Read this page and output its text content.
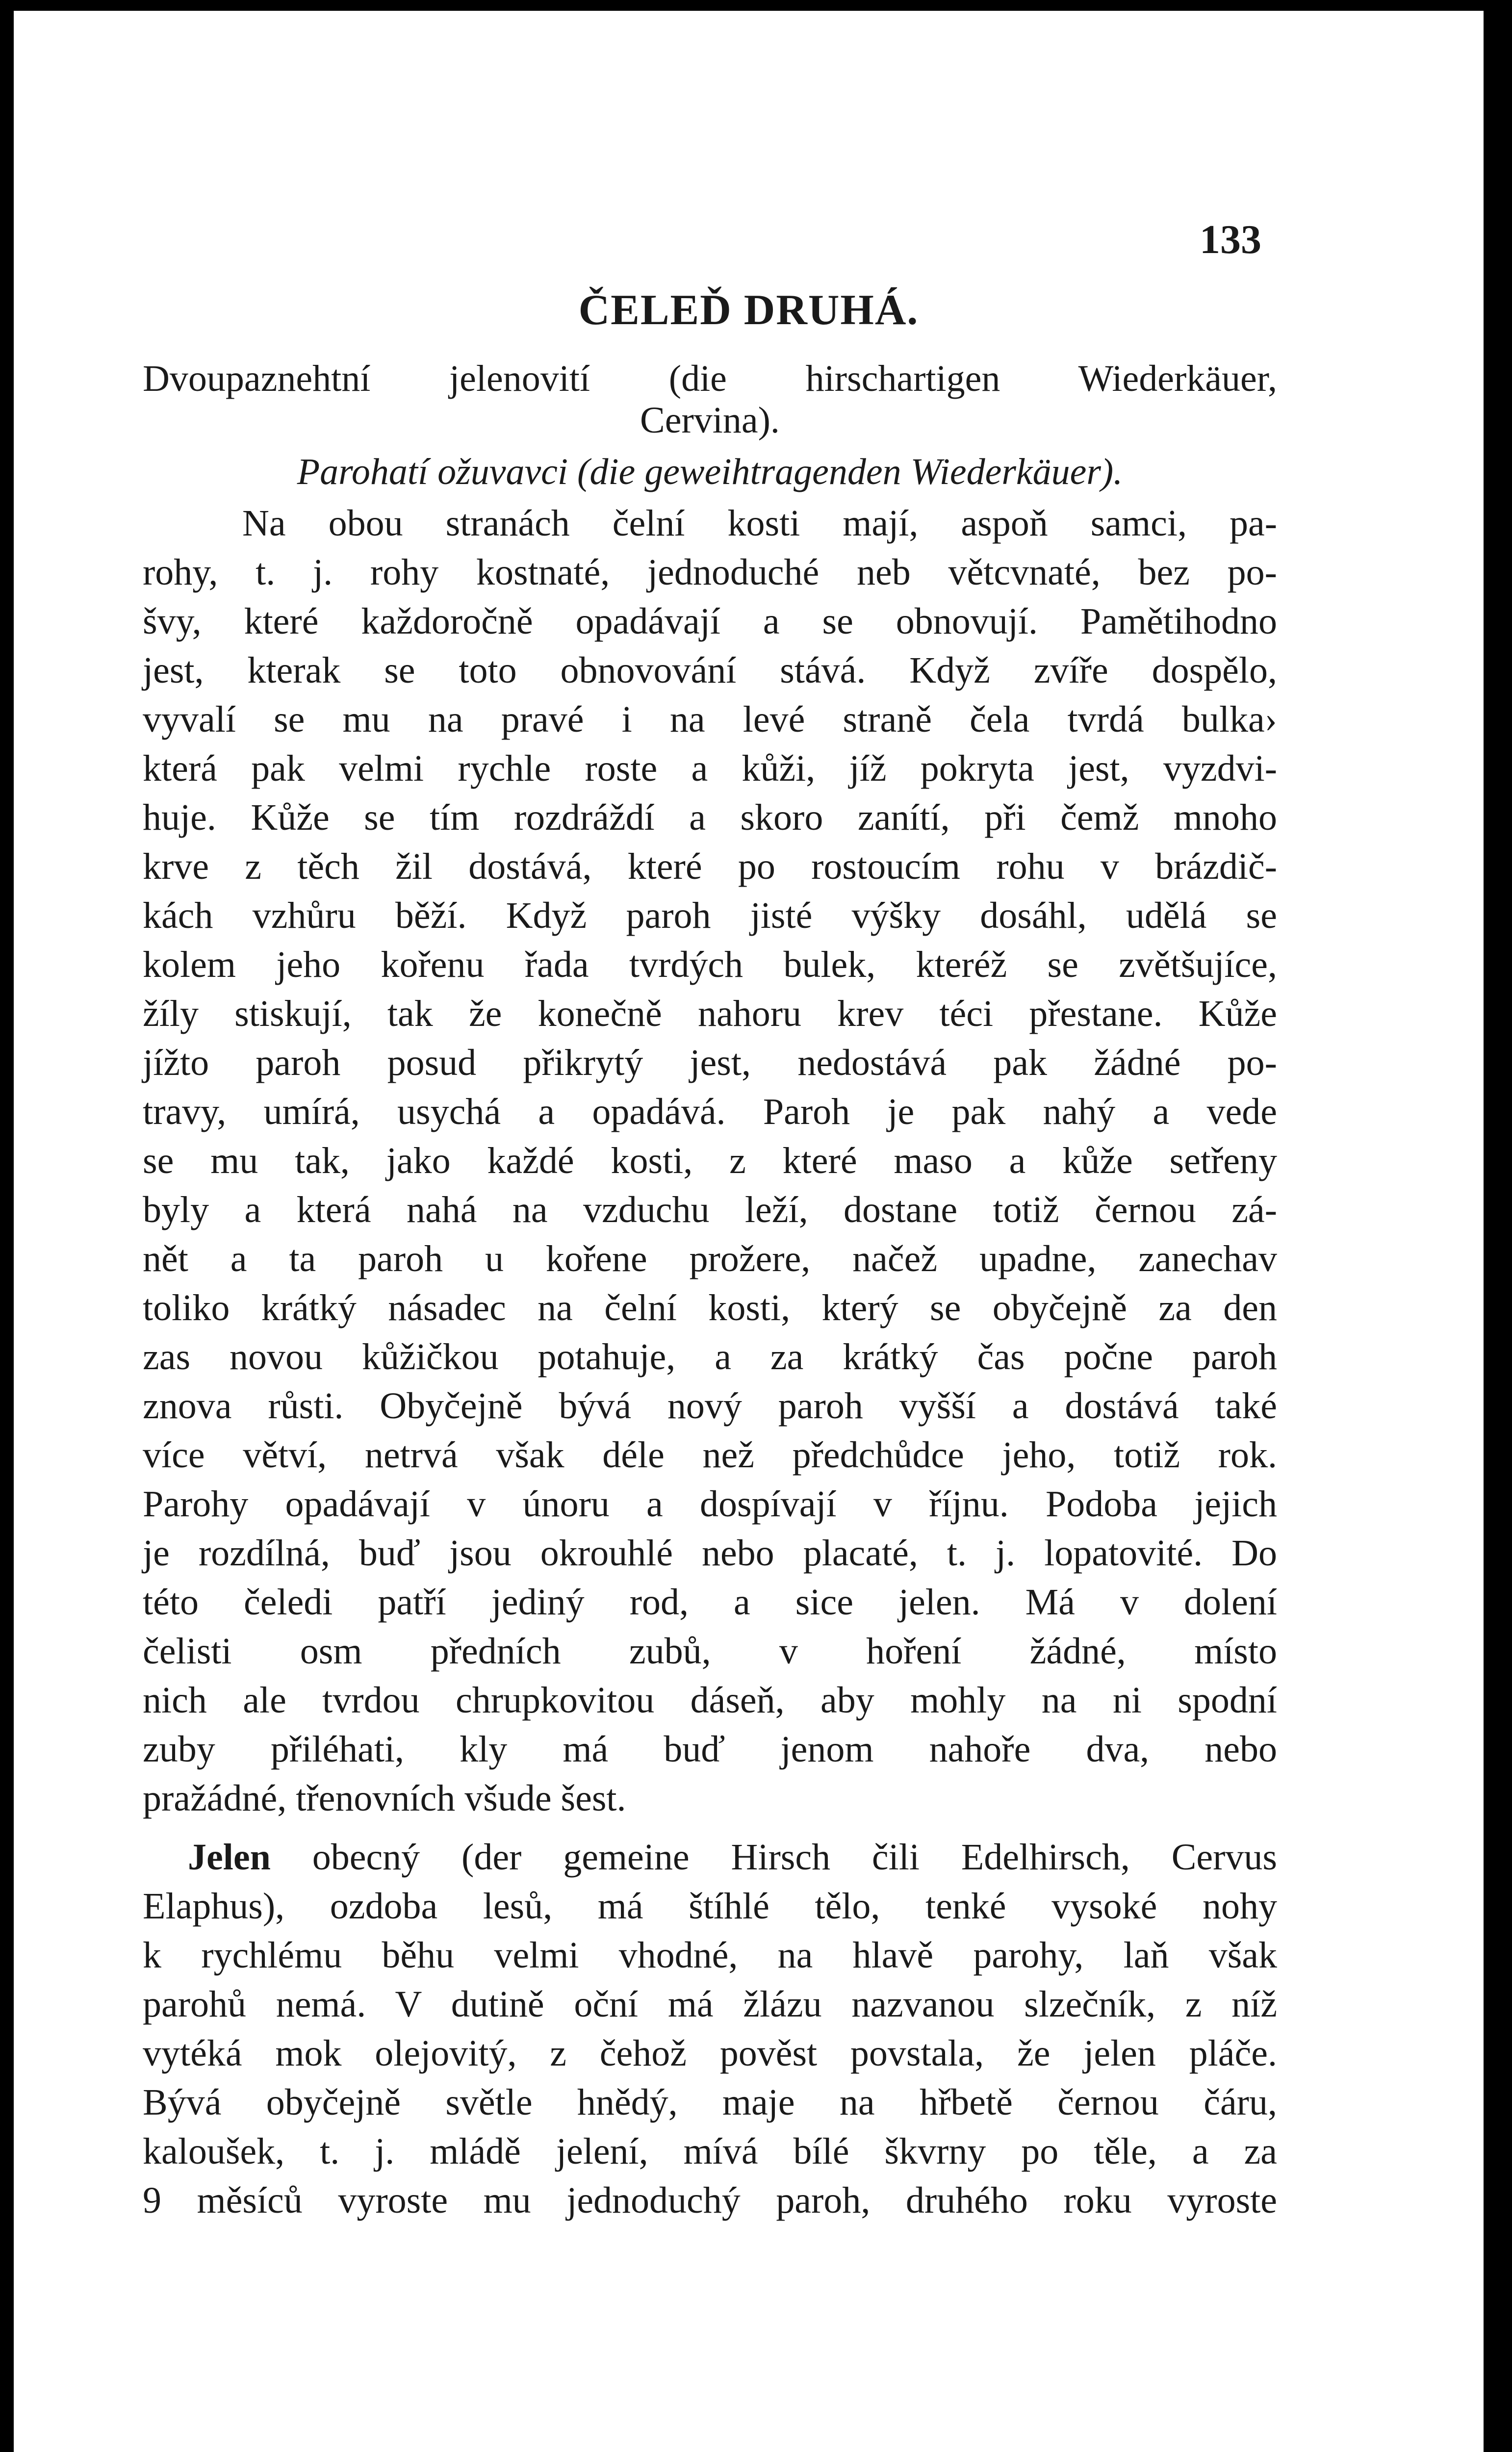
133
ČELEĎ DRUHÁ.
Dvoupaznehtní jelenovití (die hirschartigen Wiederkäuer,
Cervina).
Parohatí ožuvavci (die geweihtragenden Wiederkäuer).
Na obou stranách čelní kosti mají, aspoň samci, pa-
rohy, t. j. rohy kostnaté, jednoduché neb větcvnaté, bez po-
švy, které každoročně opadávají a se obnovují. Pamětihodno
jest, kterak se toto obnovování stává. Když zvíře dospělo,
vyvalí se mu na pravé i na levé straně čela tvrdá bulka›
která pak velmi rychle roste a kůži, jíž pokryta jest, vyzdvi-
huje. Kůže se tím rozdráždí a skoro zanítí, při čemž mnoho
krve z těch žil dostává, které po rostoucím rohu v brázdič-
kách vzhůru běží. Když paroh jisté výšky dosáhl, udělá se
kolem jeho kořenu řada tvrdých bulek, kteréž se zvětšujíce,
žíly stiskují, tak že konečně nahoru krev téci přestane. Kůže
jížto paroh posud přikrytý jest, nedostává pak žádné po-
travy, umírá, usychá a opadává. Paroh je pak nahý a vede
se mu tak, jako každé kosti, z které maso a kůže setřeny
byly a která nahá na vzduchu leží, dostane totiž černou zá-
nět a ta paroh u kořene prožere, načež upadne, zanechav
toliko krátký násadec na čelní kosti, který se obyčejně za den
zas novou kůžičkou potahuje, a za krátký čas počne paroh
znova růsti. Obyčejně bývá nový paroh vyšší a dostává také
více větví, netrvá však déle než předchůdce jeho, totiž rok.
Parohy opadávají v únoru a dospívají v říjnu. Podoba jejich
je rozdílná, buď jsou okrouhlé nebo placaté, t. j. lopatovité. Do
této čeledi patří jediný rod, a sice jelen. Má v dolení
čelisti osm předních zubů, v hoření žádné, místo
nich ale tvrdou chrupkovitou dáseň, aby mohly na ni spodní
zuby přiléhati, kly má buď jenom nahoře dva, nebo
pražádné, třenovních všude šest.
Jelen obecný (der gemeine Hirsch čili Edelhirsch, Cervus
Elaphus), ozdoba lesů, má štíhlé tělo, tenké vysoké nohy
k rychlému běhu velmi vhodné, na hlavě parohy, laň však
parohů nemá. V dutině oční má žlázu nazvanou slzečník, z níž
vytéká mok olejovitý, z čehož pověst povstala, že jelen pláče.
Bývá obyčejně světle hnědý, maje na hřbetě černou čáru,
kaloušek, t. j. mládě jelení, mívá bílé škvrny po těle, a za
9 měsíců vyroste mu jednoduchý paroh, druhého roku vyroste
